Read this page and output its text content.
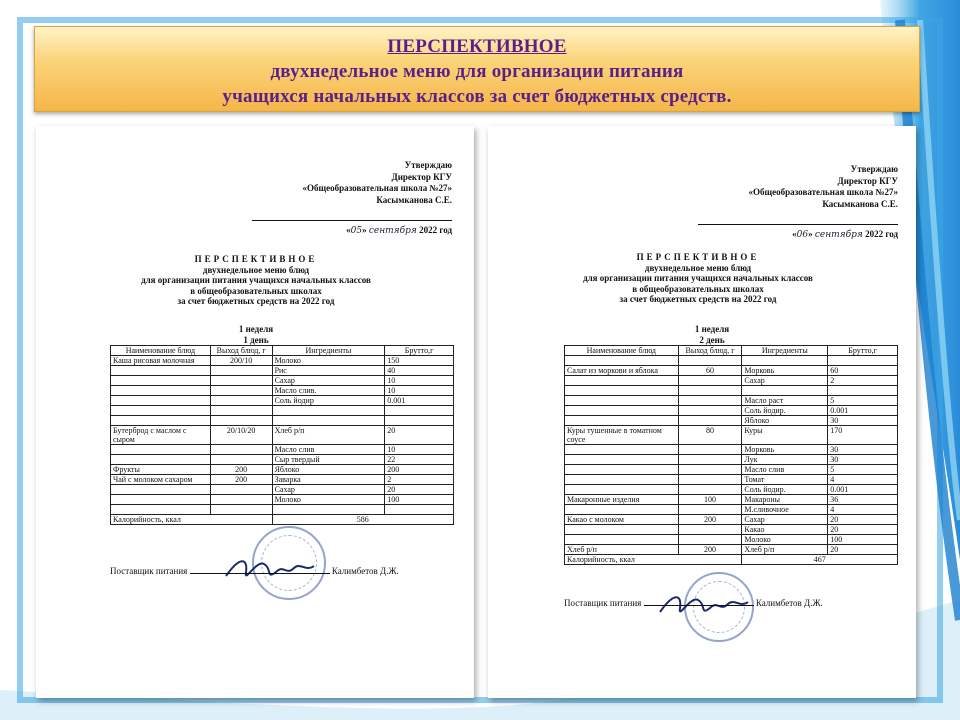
ПЕРСПЕКТИВНОЕ
двухнедельное меню для организации питания
учащихся начальных классов за счет бюджетных средств.
Утверждаю
Директор КГУ
«Общеобразовательная школа №27»
Касымканова С.Е.
«05» сентября 2022 год
ПЕРСПЕКТИВНОЕ
двухнедельное меню блюд
для организации питания учащихся начальных классов
в общеобразовательных школах
за счет бюджетных средств на 2022 год
1 неделя
1 день
Наименование блюд	Выход блюд, г	Ингредиенты	Брутто,г
Каша рисовая молочная	200/10	Молоко	150
		Рис	40
		Сахар	10
		Масло слив.	10
		Соль йодир	0.001

Бутерброд с маслом с сыром	20/10/20	Хлеб р/п	20
		Масло слив	10
		Сыр твердый	22
Фрукты	200	Яблоко	200
Чай с молоком сахаром	200	Заварка	2
		Сахар	20
		Молоко	100

Калорийность, ккал		586	
Поставщик питания	Калимбетов Д.Ж.
Утверждаю
Директор КГУ
«Общеобразовательная школа №27»
Касымканова С.Е.
«06» сентября 2022 год
ПЕРСПЕКТИВНОЕ
двухнедельное меню блюд
для организации питания учащихся начальных классов
в общеобразовательных школах
за счет бюджетных средств на 2022 год
1 неделя
2 день
Наименование блюд	Выход блюд, г	Ингредиенты	Брутто,г

Салат из моркови и яблока	60	Морковь	60
		Сахар	2

		Масло раст	5
		Соль йодир.	0.001
		Яблоко	30
Куры тушенные в томатном соусе	80	Куры	170
		Морковь	30
		Лук	30
		Масло слив	5
		Томат	4
		Соль йодир.	0.001
Макаронные изделия	100	Макароны	36
		М.сливочное	4
Какао с молоком	200	Сахар	20
		Какао	20
		Молоко	100
Хлеб р/п	200	Хлеб р/п	20
Калорийность, ккал		467	
Поставщик питания	Калимбетов Д.Ж.
